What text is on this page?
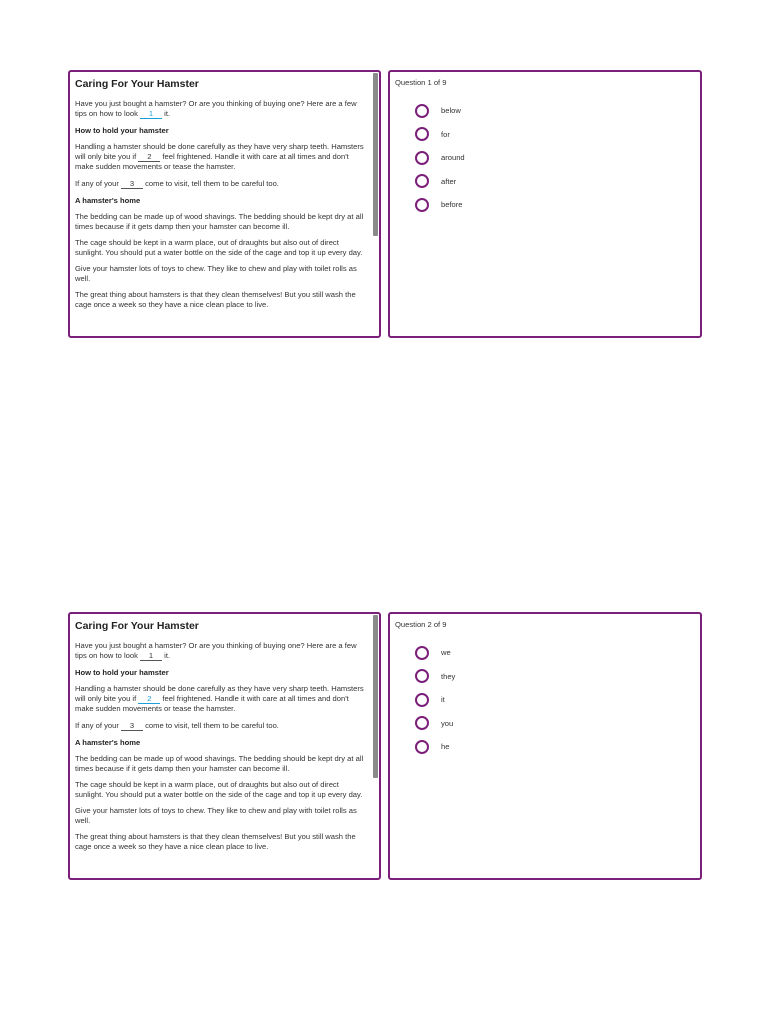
Caring For Your Hamster

Have you just bought a hamster? Or are you thinking of buying one? Here are a few tips on how to look 1 it.

How to hold your hamster

Handling a hamster should be done carefully as they have very sharp teeth. Hamsters will only bite you if 2 feel frightened. Handle it with care at all times and don't make sudden movements or tease the hamster.

If any of your 3 come to visit, tell them to be careful too.

A hamster's home

The bedding can be made up of wood shavings. The bedding should be kept dry at all times because if it gets damp then your hamster can become ill.

The cage should be kept in a warm place, out of draughts but also out of direct sunlight. You should put a water bottle on the side of the cage and top it up every day.

Give your hamster lots of toys to chew. They like to chew and play with toilet rolls as well.

The great thing about hamsters is that they clean themselves! But you still wash the cage once a week so they have a nice clean place to live.

Question 1 of 9
below
for
around
after
before
Caring For Your Hamster

Have you just bought a hamster? Or are you thinking of buying one? Here are a few tips on how to look 1 it.

How to hold your hamster

Handling a hamster should be done carefully as they have very sharp teeth. Hamsters will only bite you if 2 feel frightened. Handle it with care at all times and don't make sudden movements or tease the hamster.

If any of your 3 come to visit, tell them to be careful too.

A hamster's home

The bedding can be made up of wood shavings. The bedding should be kept dry at all times because if it gets damp then your hamster can become ill.

The cage should be kept in a warm place, out of draughts but also out of direct sunlight. You should put a water bottle on the side of the cage and top it up every day.

Give your hamster lots of toys to chew. They like to chew and play with toilet rolls as well.

The great thing about hamsters is that they clean themselves! But you still wash the cage once a week so they have a nice clean place to live.

Question 2 of 9
we
they
it
you
he
